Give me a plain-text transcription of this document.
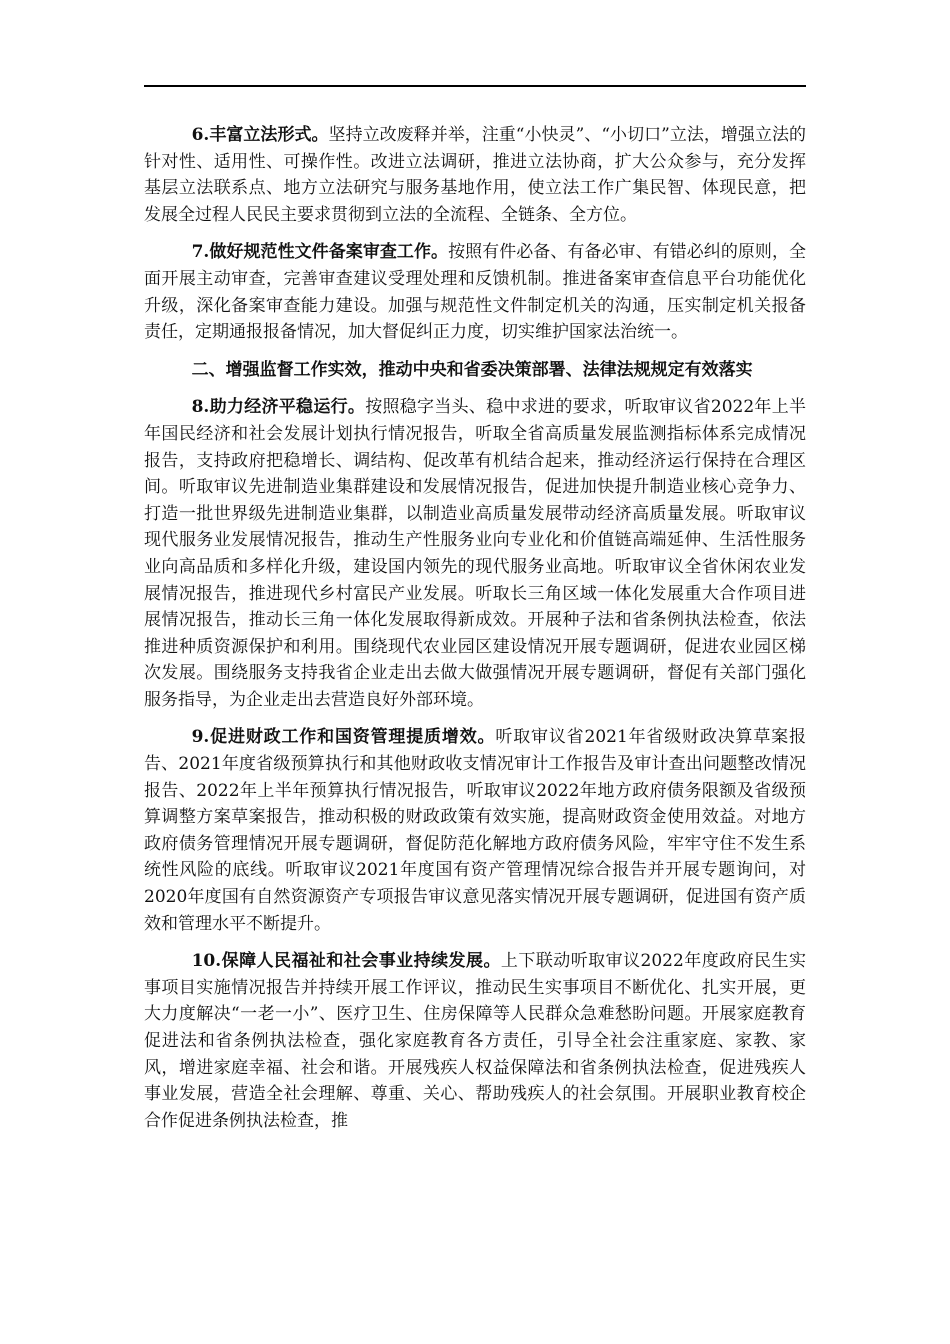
6.丰富立法形式。坚持立改废释并举，注重“小快灵”、“小切口”立法，增强立法的针对性、适用性、可操作性。改进立法调研，推进立法协商，扩大公众参与，充分发挥基层立法联系点、地方立法研究与服务基地作用，使立法工作广集民智、体现民意，把发展全过程人民民主要求贯彻到立法的全流程、全链条、全方位。

7.做好规范性文件备案审查工作。按照有件必备、有备必审、有错必纠的原则，全面开展主动审查，完善审查建议受理处理和反馈机制。推进备案审查信息平台功能优化升级，深化备案审查能力建设。加强与规范性文件制定机关的沟通，压实制定机关报备责任，定期通报报备情况，加大督促纠正力度，切实维护国家法治统一。

二、增强监督工作实效，推动中央和省委决策部署、法律法规规定有效落实

8.助力经济平稳运行。按照稳字当头、稳中求进的要求，听取审议省2022年上半年国民经济和社会发展计划执行情况报告，听取全省高质量发展监测指标体系完成情况报告，支持政府把稳增长、调结构、促改革有机结合起来，推动经济运行保持在合理区间。听取审议先进制造业集群建设和发展情况报告，促进加快提升制造业核心竞争力、打造一批世界级先进制造业集群，以制造业高质量发展带动经济高质量发展。听取审议现代服务业发展情况报告，推动生产性服务业向专业化和价值链高端延伸、生活性服务业向高品质和多样化升级，建设国内领先的现代服务业高地。听取审议全省休闲农业发展情况报告，推进现代乡村富民产业发展。听取长三角区域一体化发展重大合作项目进展情况报告，推动长三角一体化发展取得新成效。开展种子法和省条例执法检查，依法推进种质资源保护和利用。围绕现代农业园区建设情况开展专题调研，促进农业园区梯次发展。围绕服务支持我省企业走出去做大做强情况开展专题调研，督促有关部门强化服务指导，为企业走出去营造良好外部环境。

9.促进财政工作和国资管理提质增效。听取审议省2021年省级财政决算草案报告、2021年度省级预算执行和其他财政收支情况审计工作报告及审计查出问题整改情况报告、2022年上半年预算执行情况报告，听取审议2022年地方政府债务限额及省级预算调整方案草案报告，推动积极的财政政策有效实施，提高财政资金使用效益。对地方政府债务管理情况开展专题调研，督促防范化解地方政府债务风险，牢牢守住不发生系统性风险的底线。听取审议2021年度国有资产管理情况综合报告并开展专题询问，对2020年度国有自然资源资产专项报告审议意见落实情况开展专题调研，促进国有资产质效和管理水平不断提升。

10.保障人民福祉和社会事业持续发展。上下联动听取审议2022年度政府民生实事项目实施情况报告并持续开展工作评议，推动民生实事项目不断优化、扎实开展，更大力度解决“一老一小”、医疗卫生、住房保障等人民群众急难愁盼问题。开展家庭教育促进法和省条例执法检查，强化家庭教育各方责任，引导全社会注重家庭、家教、家风，增进家庭幸福、社会和谐。开展残疾人权益保障法和省条例执法检查，促进残疾人事业发展，营造全社会理解、尊重、关心、帮助残疾人的社会氛围。开展职业教育校企合作促进条例执法检查，推
